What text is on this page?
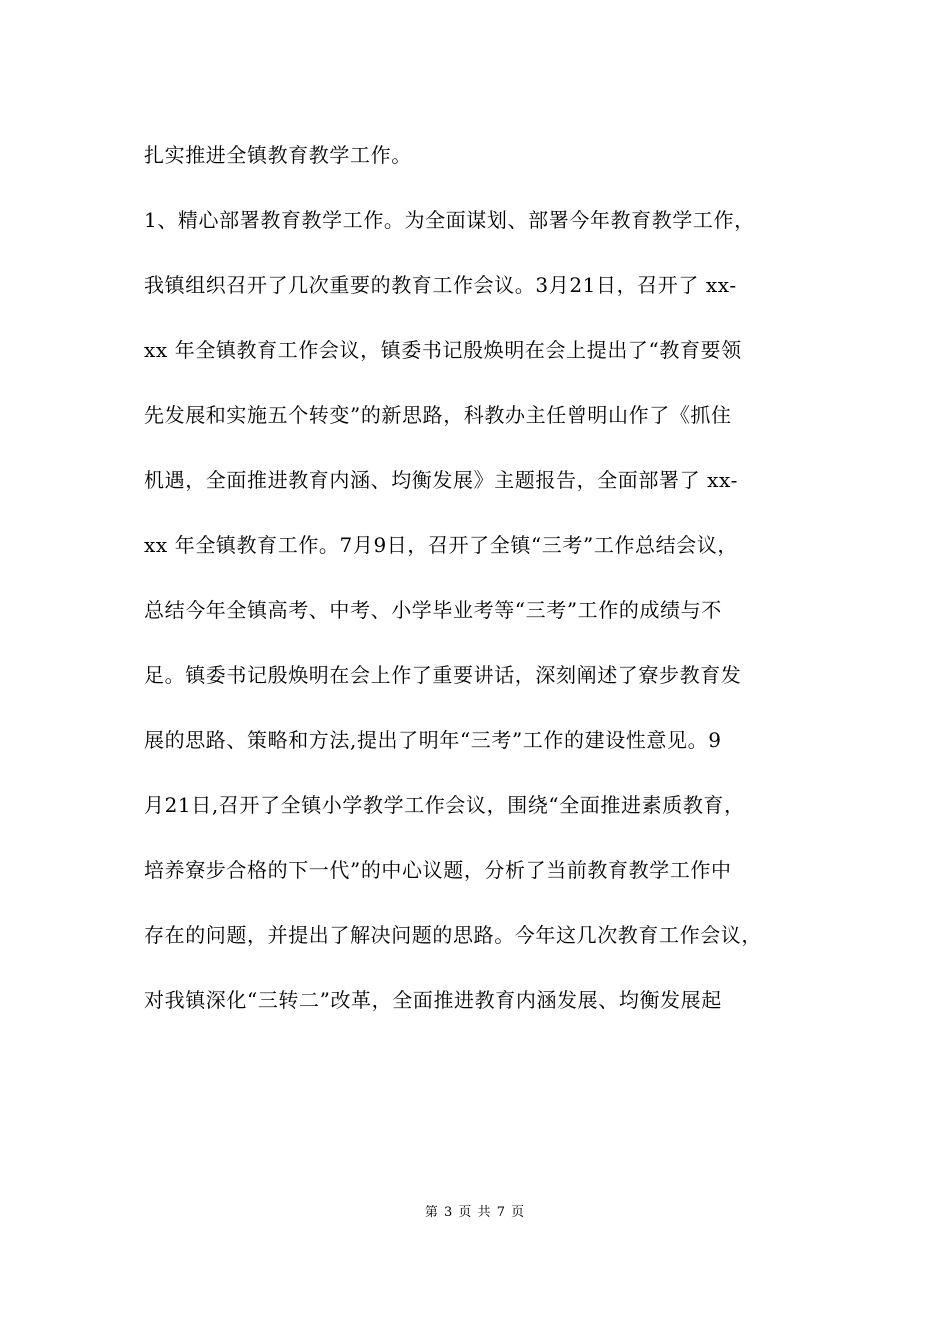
扎实推进全镇教育教学工作。
1、精心部署教育教学工作。为全面谋划、部署今年教育教学工作，
我镇组织召开了几次重要的教育工作会议。3月21日，召开了 xx-
xx 年全镇教育工作会议，镇委书记殷焕明在会上提出了“教育要领
先发展和实施五个转变”的新思路，科教办主任曾明山作了《抓住
机遇，全面推进教育内涵、均衡发展》主题报告，全面部署了 xx-
xx 年全镇教育工作。7月9日，召开了全镇“三考”工作总结会议，
总结今年全镇高考、中考、小学毕业考等“三考”工作的成绩与不
足。镇委书记殷焕明在会上作了重要讲话，深刻阐述了寮步教育发
展的思路、策略和方法,提出了明年“三考”工作的建设性意见。9
月21日,召开了全镇小学教学工作会议，围绕“全面推进素质教育，
培养寮步合格的下一代”的中心议题，分析了当前教育教学工作中
存在的问题，并提出了解决问题的思路。今年这几次教育工作会议，
对我镇深化“三转二”改革，全面推进教育内涵发展、均衡发展起
第 3 页 共 7 页
